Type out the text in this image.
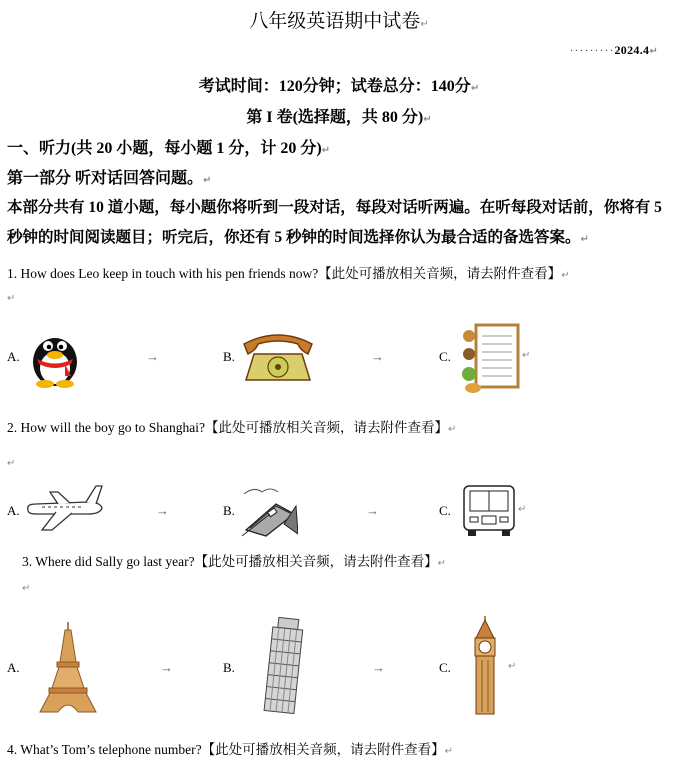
八年级英语期中试卷↵
·········2024.4↵
考试时间：120分钟；试卷总分：140分↵
第 I 卷(选择题，共 80 分)↵
一、听力(共 20 小题，每小题 1 分，计 20 分)↵
第一部分 听对话回答问题。↵
本部分共有 10 道小题，每小题你将听到一段对话，每段对话听两遍。在听每段对话前，你将有 5 秒钟的时间阅读题目；听完后，你还有 5 秒钟的时间选择你认为最合适的备选答案。↵
1. How does Leo keep in touch with his pen friends now?【此处可播放相关音频，请去附件查看】↵
↵
A.	→	B.	→	C.	↵
2. How will the boy go to Shanghai?【此处可播放相关音频，请去附件查看】↵
↵
A.	→	B.	→	C.	↵
3. Where did Sally go last year?【此处可播放相关音频，请去附件查看】↵
↵
A.	→	B.	→	C.	↵
4. What’s Tom’s telephone number?【此处可播放相关音频，请去附件查看】↵
